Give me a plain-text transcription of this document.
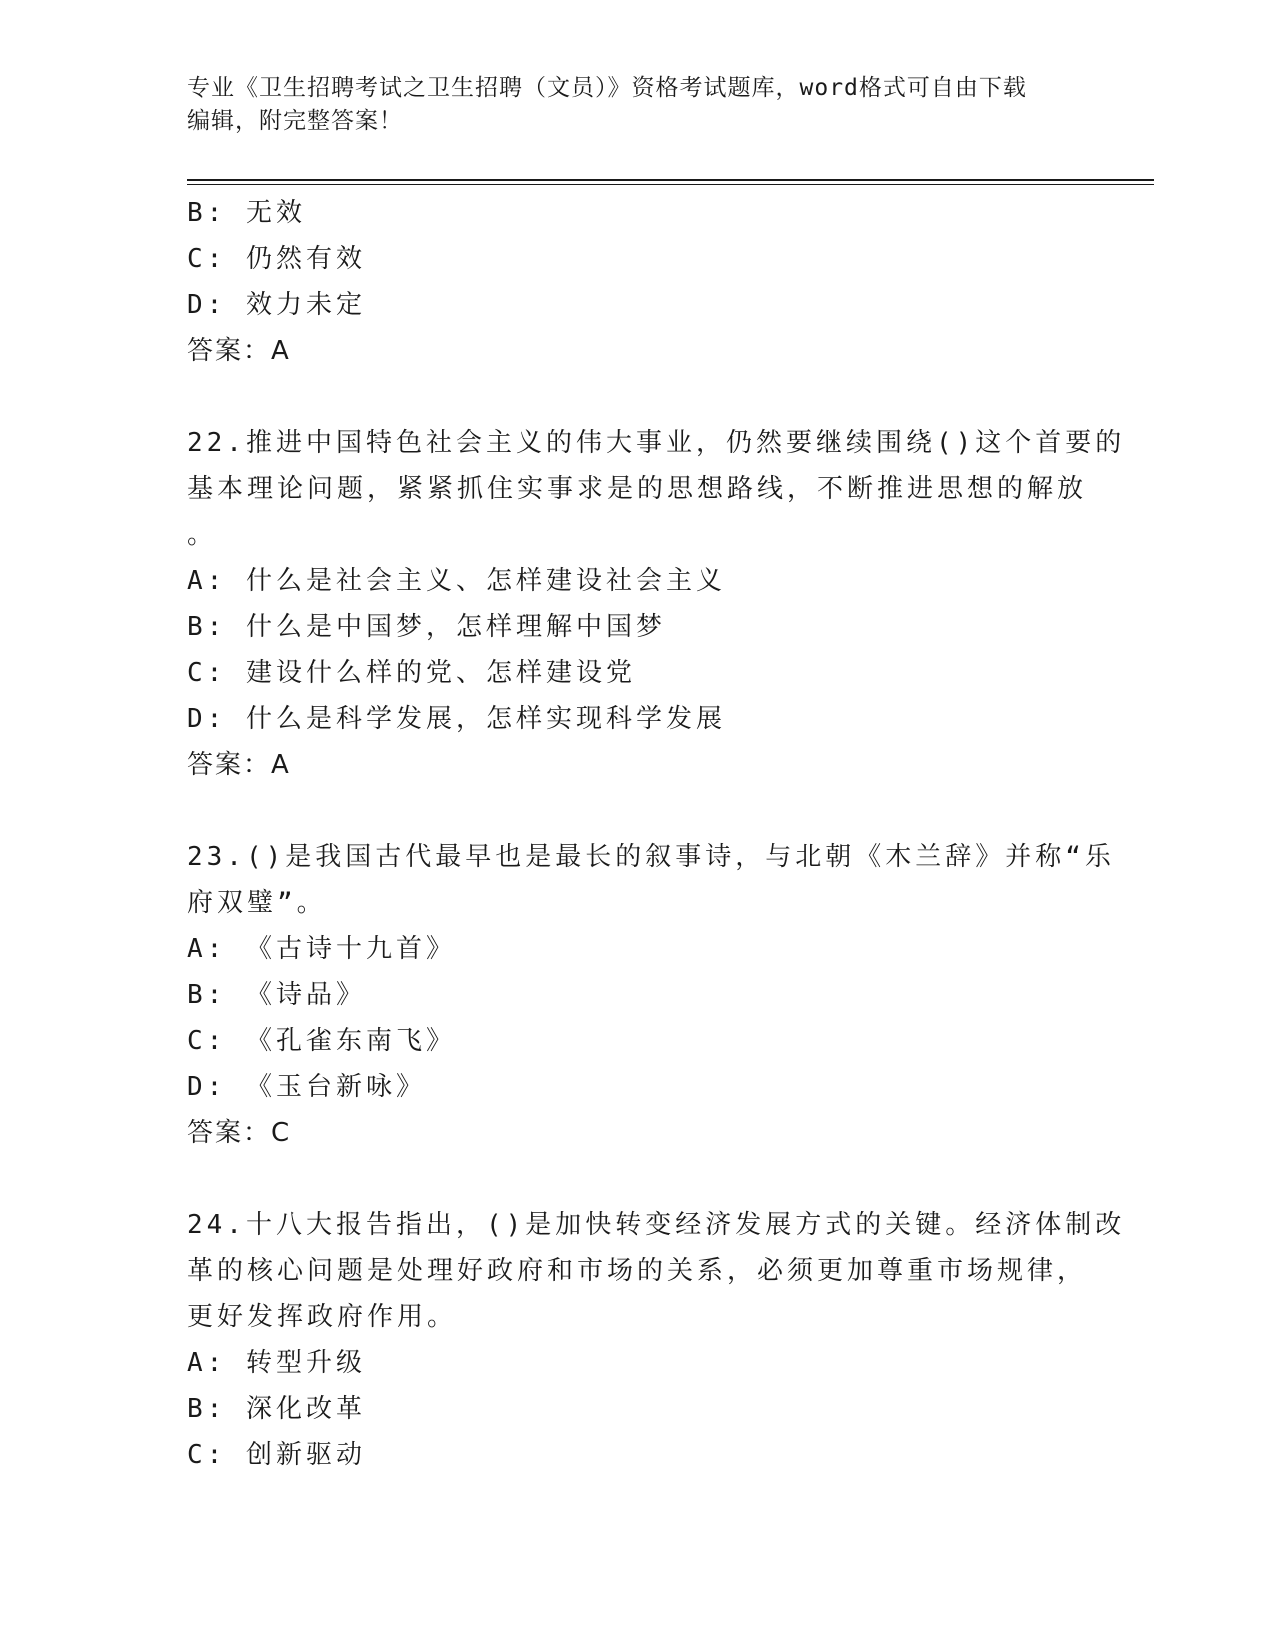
专业《卫生招聘考试之卫生招聘（文员）》资格考试题库，word格式可自由下载
编辑，附完整答案！
B: 无效
C: 仍然有效
D: 效力未定
答案：A
22.推进中国特色社会主义的伟大事业，仍然要继续围绕()这个首要的
基本理论问题，紧紧抓住实事求是的思想路线，不断推进思想的解放
。
A: 什么是社会主义、怎样建设社会主义
B: 什么是中国梦，怎样理解中国梦
C: 建设什么样的党、怎样建设党
D: 什么是科学发展，怎样实现科学发展
答案：A
23.()是我国古代最早也是最长的叙事诗，与北朝《木兰辞》并称“乐
府双璧”。
A: 《古诗十九首》
B: 《诗品》
C: 《孔雀东南飞》
D: 《玉台新咏》
答案：C
24.十八大报告指出，()是加快转变经济发展方式的关键。经济体制改
革的核心问题是处理好政府和市场的关系，必须更加尊重市场规律，
更好发挥政府作用。
A: 转型升级
B: 深化改革
C: 创新驱动
